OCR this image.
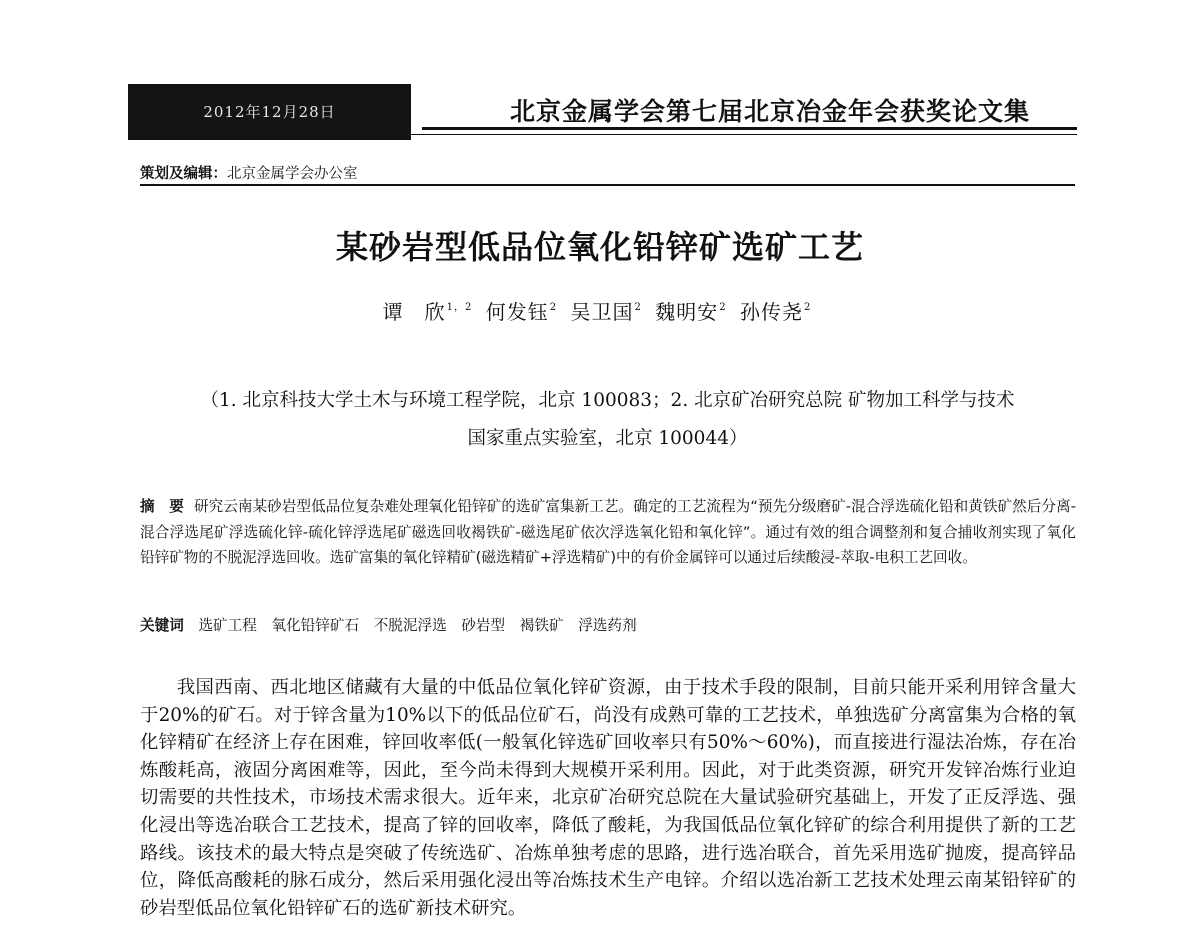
2012年12月28日	北京金属学会第七届北京冶金年会获奖论文集
策划及编辑：北京金属学会办公室
某砂岩型低品位氧化铅锌矿选矿工艺
谭　欣$^{1,2}$ 何发钰$^2$ 吴卫国$^2$ 魏明安$^2$ 孙传尧$^2$
（1. 北京科技大学土木与环境工程学院，北京 100083；2. 北京矿冶研究总院 矿物加工科学与技术
国家重点实验室，北京 100044）
摘　要 研究云南某砂岩型低品位复杂难处理氧化铅锌矿的选矿富集新工艺。确定的工艺流程为“预先分级磨矿-混合浮选硫化铅和黄铁矿然后分离-混合浮选尾矿浮选硫化锌-硫化锌浮选尾矿磁选回收褐铁矿-磁选尾矿依次浮选氧化铅和氧化锌”。通过有效的组合调整剂和复合捕收剂实现了氧化铅锌矿物的不脱泥浮选回收。选矿富集的氧化锌精矿(磁选精矿+浮选精矿)中的有价金属锌可以通过后续酸浸-萃取-电积工艺回收。
关键词 选矿工程 氧化铅锌矿石 不脱泥浮选 砂岩型 褐铁矿 浮选药剂

我国西南、西北地区储藏有大量的中低品位氧化锌矿资源，由于技术手段的限制，目前只能开采利用锌含量大于20%的矿石。对于锌含量为10%以下的低品位矿石，尚没有成熟可靠的工艺技术，单独选矿分离富集为合格的氧化锌精矿在经济上存在困难，锌回收率低(一般氧化锌选矿回收率只有50%～60%)，而直接进行湿法冶炼，存在冶炼酸耗高，液固分离困难等，因此，至今尚未得到大规模开采利用。因此，对于此类资源，研究开发锌冶炼行业迫切需要的共性技术，市场技术需求很大。近年来，北京矿冶研究总院在大量试验研究基础上，开发了正反浮选、强化浸出等选冶联合工艺技术，提高了锌的回收率，降低了酸耗，为我国低品位氧化锌矿的综合利用提供了新的工艺路线。该技术的最大特点是突破了传统选矿、冶炼单独考虑的思路，进行选冶联合，首先采用选矿抛废，提高锌品位，降低高酸耗的脉石成分，然后采用强化浸出等冶炼技术生产电锌。介绍以选冶新工艺技术处理云南某铅锌矿的砂岩型低品位氧化铅锌矿石的选矿新技术研究。
